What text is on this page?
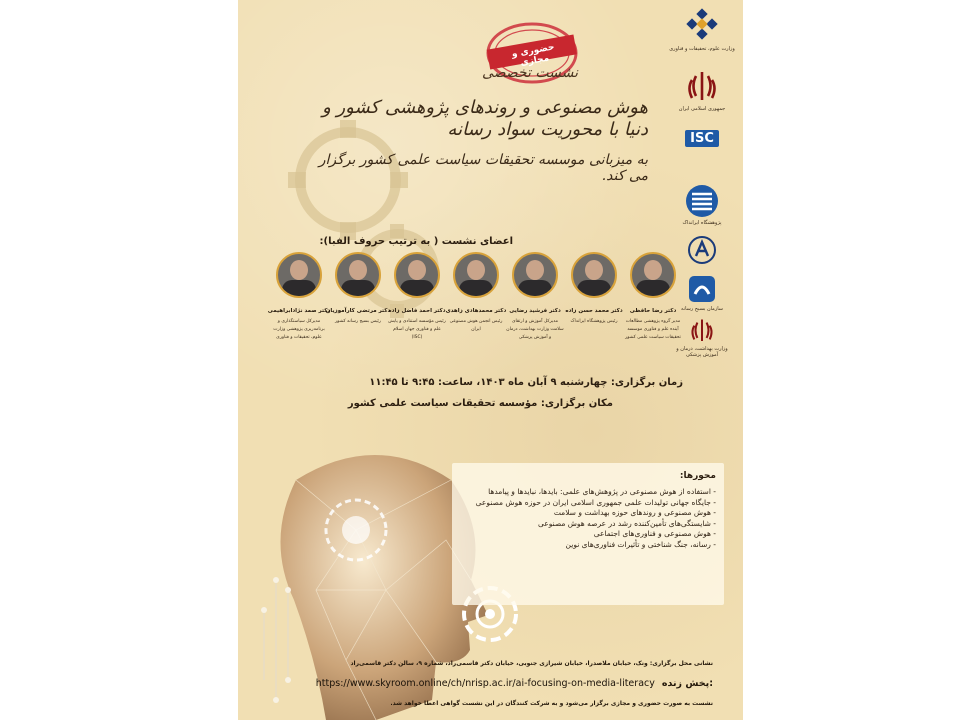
حضوری و مجازی
نشست تخصصی
هوش مصنوعی و روندهای پژوهشی کشور و دنیا با محوریت سواد رسانه
به میزبانی موسسه تحقیقات سیاست علمی کشور برگزار می کند.
وزارت علوم، تحقیقات و فناوری
جمهوری اسلامی ایران
ISC
پژوهشگاه ایرانداک
سازمان بسیج رسانه
وزارت بهداشت، درمان و آموزش پزشکی
اعضای نشست ( به ترتیب حروف الفبا):
دکتر رضا حافظی
مدیر گروه پژوهشی مطالعات آینده علم و فناوری موسسه تحقیقات سیاست علمی کشور
دکتر محمد حسن زاده
رئیس پژوهشگاه ایرانداک
دکتر فرشید رضایی
مدیرکل آموزش و ارتقای سلامت وزارت بهداشت، درمان و آموزش پزشکی
دکتر محمدهادی زاهدی
رئیس انجمن هوش مصنوعی ایران
دکتر احمد فاضل زاده
رئیس مؤسسه استنادی و پایش علم و فناوری جهان اسلام (ISC)
دکتر مرتضی کارآموزیان
رئیس بسیج رسانه کشور
دکتر صمد نژادابراهیمی
مدیرکل سیاستگذاری و برنامه‌ریزی پژوهشی وزارت علوم، تحقیقات و فناوری
زمان برگزاری: چهارشنبه ۹ آبان ماه ۱۴۰۳، ساعت: ۹:۴۵ تا ۱۱:۴۵
مکان برگزاری: مؤسسه تحقیقات سیاست علمی کشور
محورها:
- استفاده از هوش مصنوعی در پژوهش‌های علمی: بایدها، نبایدها و پیامدها
- جایگاه جهانی تولیدات علمی جمهوری اسلامی ایران در حوزه هوش مصنوعی
- هوش مصنوعی و روندهای حوزه بهداشت و سلامت
- شایستگی‌های تأمین‌کننده رشد در عرصه هوش مصنوعی
- هوش مصنوعی و فناوری‌های اجتماعی
- رسانه، جنگ شناختی و تأثیرات فناوری‌های نوین
نشانی محل برگزاری: ونک، خیابان ملاصدرا، خیابان شیرازی جنوبی، خیابان دکتر قاسمی‌راد، شماره ۹، سالن دکتر قاسمی‌راد
https://www.skyroom.online/ch/nrisp.ac.ir/ai-focusing-on-media-literacy پخش زنده:
نشست به صورت حضوری و مجازی برگزار می‌شود و به شرکت کنندگان در این نشست گواهی اعطا خواهد شد.
